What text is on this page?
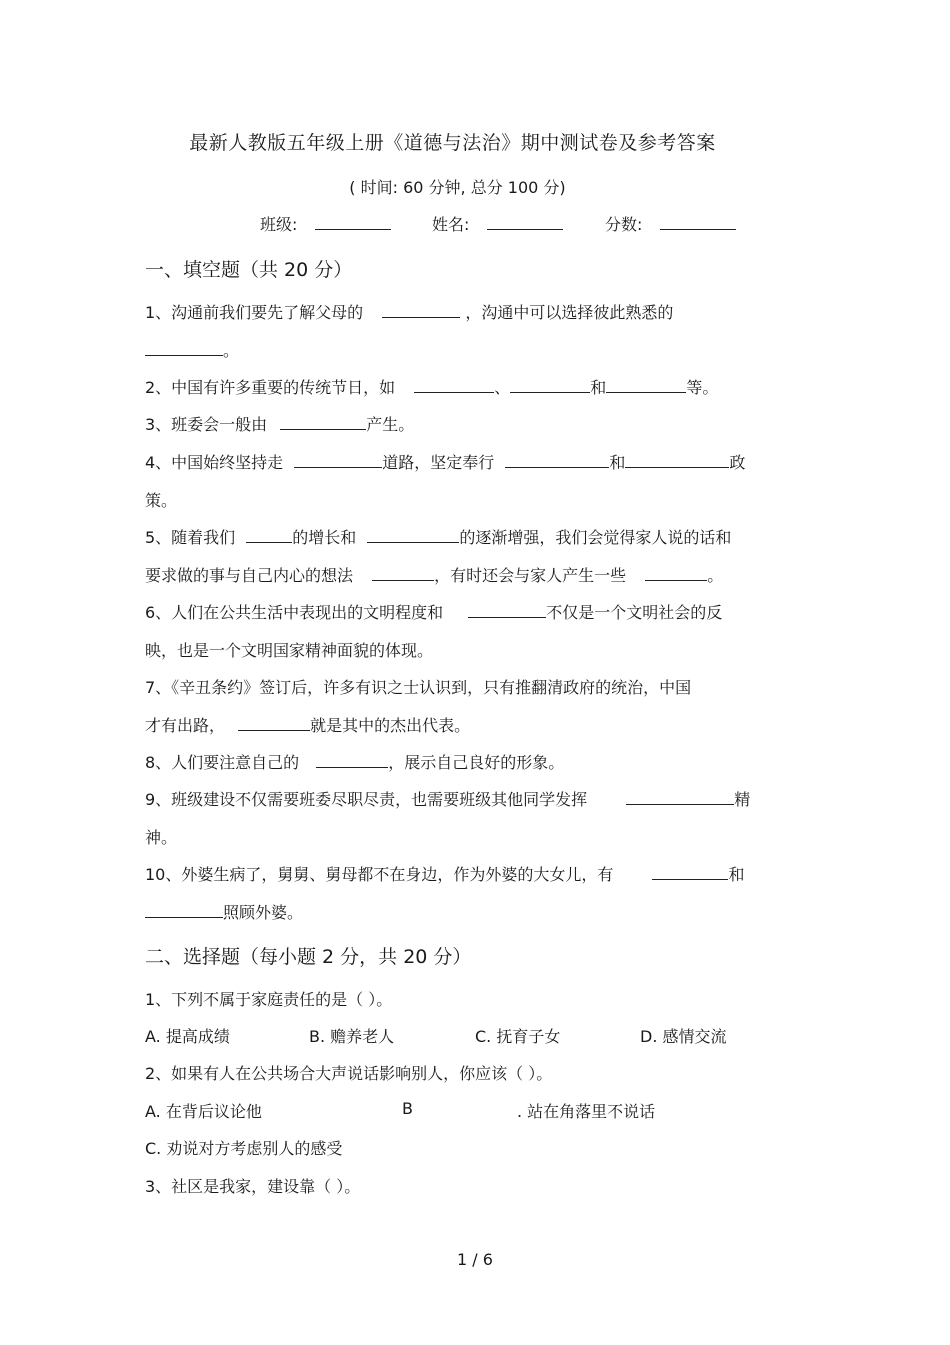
最新人教版五年级上册《道德与法治》期中测试卷及参考答案
( 时间: 60 分钟, 总分 100 分)
班级:	姓名:	分数:
一、填空题（共 20 分）
1、沟通前我们要先了解父母的	，沟通中可以选择彼此熟悉的
。
2、中国有许多重要的传统节日，如	、	和	等。
3、班委会一般由	产生。
4、中国始终坚持走	道路，坚定奉行	和	政
策。
5、随着我们	的增长和	的逐渐增强，我们会觉得家人说的话和
要求做的事与自己内心的想法	，有时还会与家人产生一些	。
6、人们在公共生活中表现出的文明程度和	不仅是一个文明社会的反
映，也是一个文明国家精神面貌的体现。
7、《辛丑条约》签订后，许多有识之士认识到，只有推翻清政府的统治，中国
才有出路，	就是其中的杰出代表。
8、人们要注意自己的	，展示自己良好的形象。
9、班级建设不仅需要班委尽职尽责，也需要班级其他同学发挥	精
神。
10、外婆生病了，舅舅、舅母都不在身边，作为外婆的大女儿，有	和
照顾外婆。
二、选择题（每小题 2 分，共 20 分）
1、下列不属于家庭责任的是（ ）。
A. 提高成绩	B. 赡养老人	C. 抚育子女	D. 感情交流
2、如果有人在公共场合大声说话影响别人，你应该（ ）。
A. 在背后议论他	B	. 站在角落里不说话
C. 劝说对方考虑别人的感受
3、社区是我家，建设靠（ ）。
1 / 6
